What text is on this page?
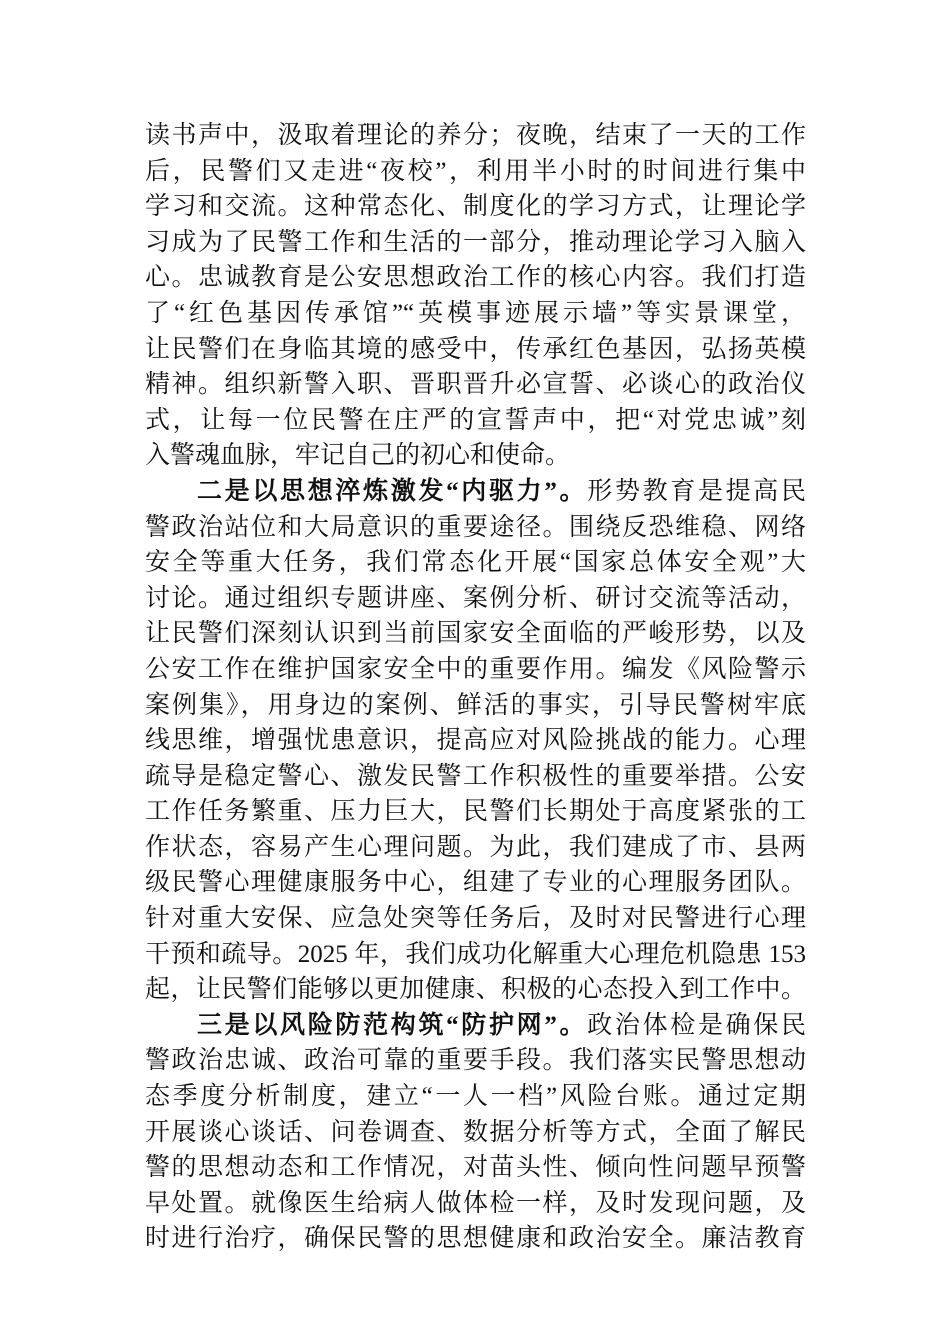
读书声中，汲取着理论的养分；夜晚，结束了一天的工作
后，民警们又走进“夜校”，利用半小时的时间进行集中
学习和交流。这种常态化、制度化的学习方式，让理论学
习成为了民警工作和生活的一部分，推动理论学习入脑入
心。忠诚教育是公安思想政治工作的核心内容。我们打造
了“红色基因传承馆”“英模事迹展示墙”等实景课堂，
让民警们在身临其境的感受中，传承红色基因，弘扬英模
精神。组织新警入职、晋职晋升必宣誓、必谈心的政治仪
式，让每一位民警在庄严的宣誓声中，把“对党忠诚”刻
入警魂血脉，牢记自己的初心和使命。
二是以思想淬炼激发“内驱力”。形势教育是提高民
警政治站位和大局意识的重要途径。围绕反恐维稳、网络
安全等重大任务，我们常态化开展“国家总体安全观”大
讨论。通过组织专题讲座、案例分析、研讨交流等活动，
让民警们深刻认识到当前国家安全面临的严峻形势，以及
公安工作在维护国家安全中的重要作用。编发《风险警示
案例集》，用身边的案例、鲜活的事实，引导民警树牢底
线思维，增强忧患意识，提高应对风险挑战的能力。心理
疏导是稳定警心、激发民警工作积极性的重要举措。公安
工作任务繁重、压力巨大，民警们长期处于高度紧张的工
作状态，容易产生心理问题。为此，我们建成了市、县两
级民警心理健康服务中心，组建了专业的心理服务团队。
针对重大安保、应急处突等任务后，及时对民警进行心理
干预和疏导。2025 年，我们成功化解重大心理危机隐患 153
起，让民警们能够以更加健康、积极的心态投入到工作中。
三是以风险防范构筑“防护网”。政治体检是确保民
警政治忠诚、政治可靠的重要手段。我们落实民警思想动
态季度分析制度，建立“一人一档”风险台账。通过定期
开展谈心谈话、问卷调查、数据分析等方式，全面了解民
警的思想动态和工作情况，对苗头性、倾向性问题早预警
早处置。就像医生给病人做体检一样，及时发现问题，及
时进行治疗，确保民警的思想健康和政治安全。廉洁教育
